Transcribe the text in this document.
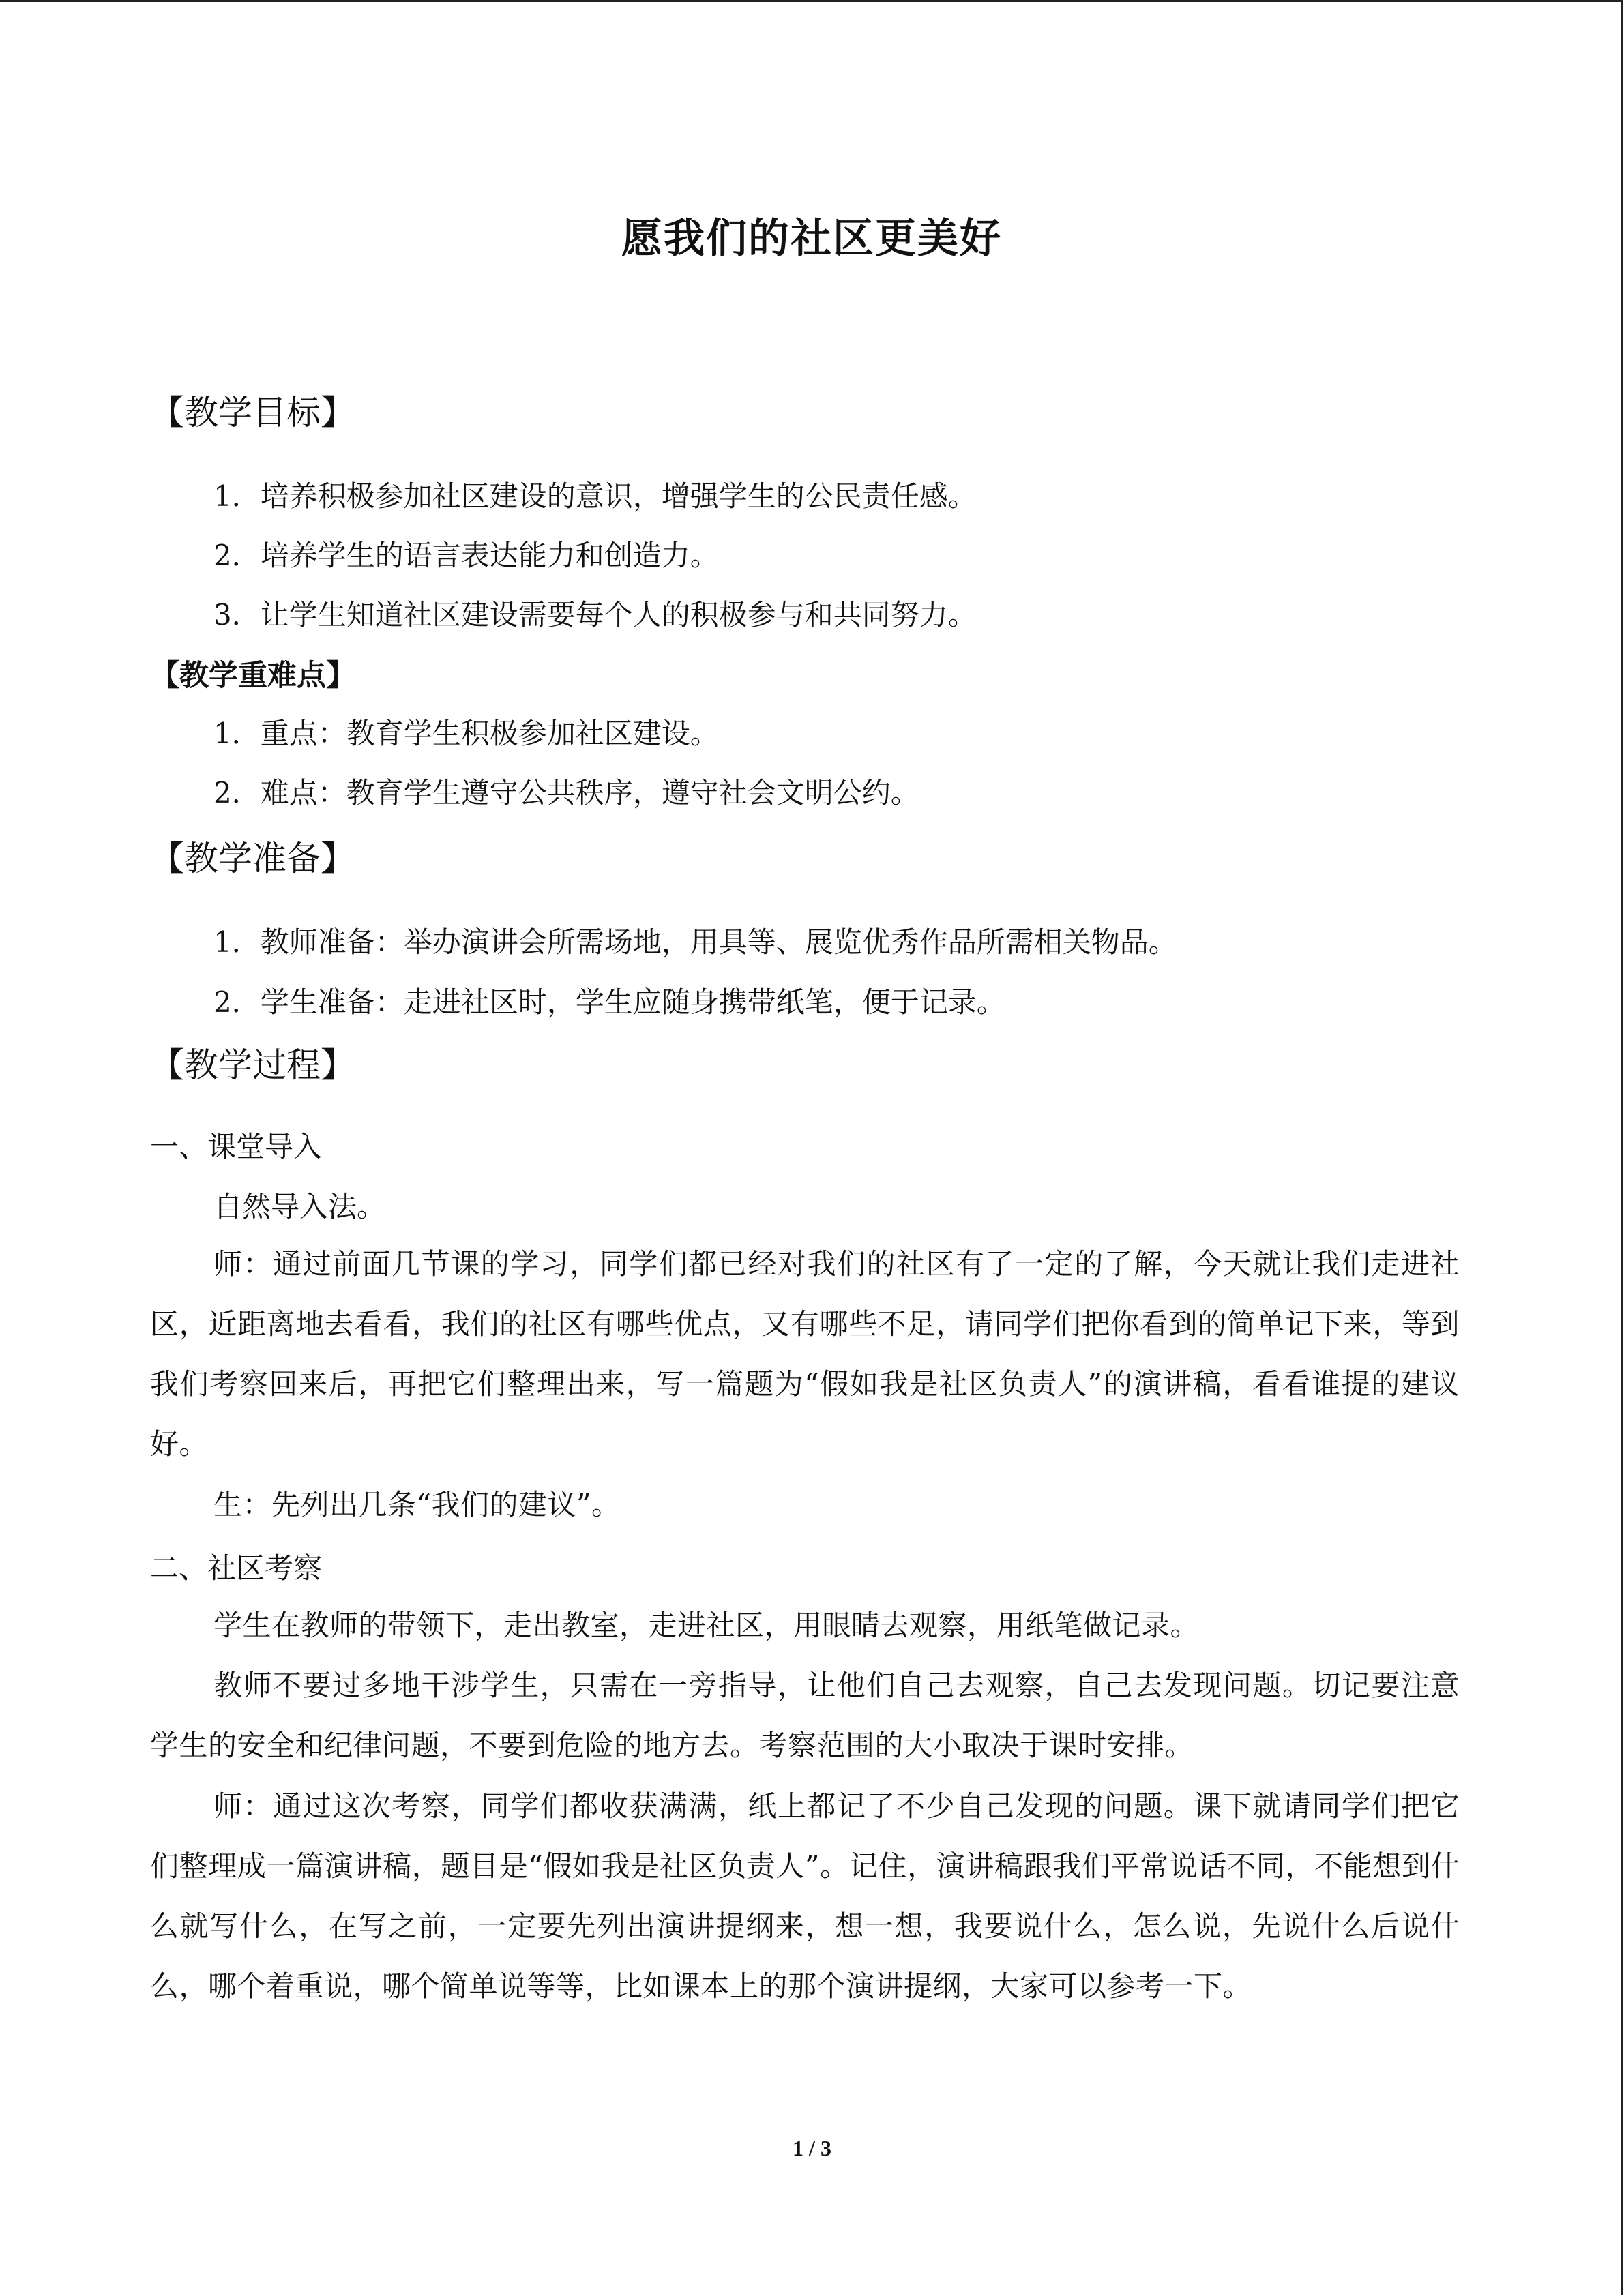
愿我们的社区更美好
【教学目标】
1．培养积极参加社区建设的意识，增强学生的公民责任感。
2．培养学生的语言表达能力和创造力。
3．让学生知道社区建设需要每个人的积极参与和共同努力。
【教学重难点】
1．重点：教育学生积极参加社区建设。
2．难点：教育学生遵守公共秩序，遵守社会文明公约。
【教学准备】
1．教师准备：举办演讲会所需场地，用具等、展览优秀作品所需相关物品。
2．学生准备：走进社区时，学生应随身携带纸笔，便于记录。
【教学过程】
一、课堂导入
自然导入法。
师：通过前面几节课的学习，同学们都已经对我们的社区有了一定的了解，今天就让我们走进社区，近距离地去看看，我们的社区有哪些优点，又有哪些不足，请同学们把你看到的简单记下来，等到我们考察回来后，再把它们整理出来，写一篇题为“假如我是社区负责人”的演讲稿，看看谁提的建议好。
生：先列出几条“我们的建议”。
二、社区考察
学生在教师的带领下，走出教室，走进社区，用眼睛去观察，用纸笔做记录。
教师不要过多地干涉学生，只需在一旁指导，让他们自己去观察，自己去发现问题。切记要注意学生的安全和纪律问题，不要到危险的地方去。考察范围的大小取决于课时安排。
师：通过这次考察，同学们都收获满满，纸上都记了不少自己发现的问题。课下就请同学们把它们整理成一篇演讲稿，题目是“假如我是社区负责人”。记住，演讲稿跟我们平常说话不同，不能想到什么就写什么，在写之前，一定要先列出演讲提纲来，想一想，我要说什么，怎么说，先说什么后说什么，哪个着重说，哪个简单说等等，比如课本上的那个演讲提纲，大家可以参考一下。
1 / 3
